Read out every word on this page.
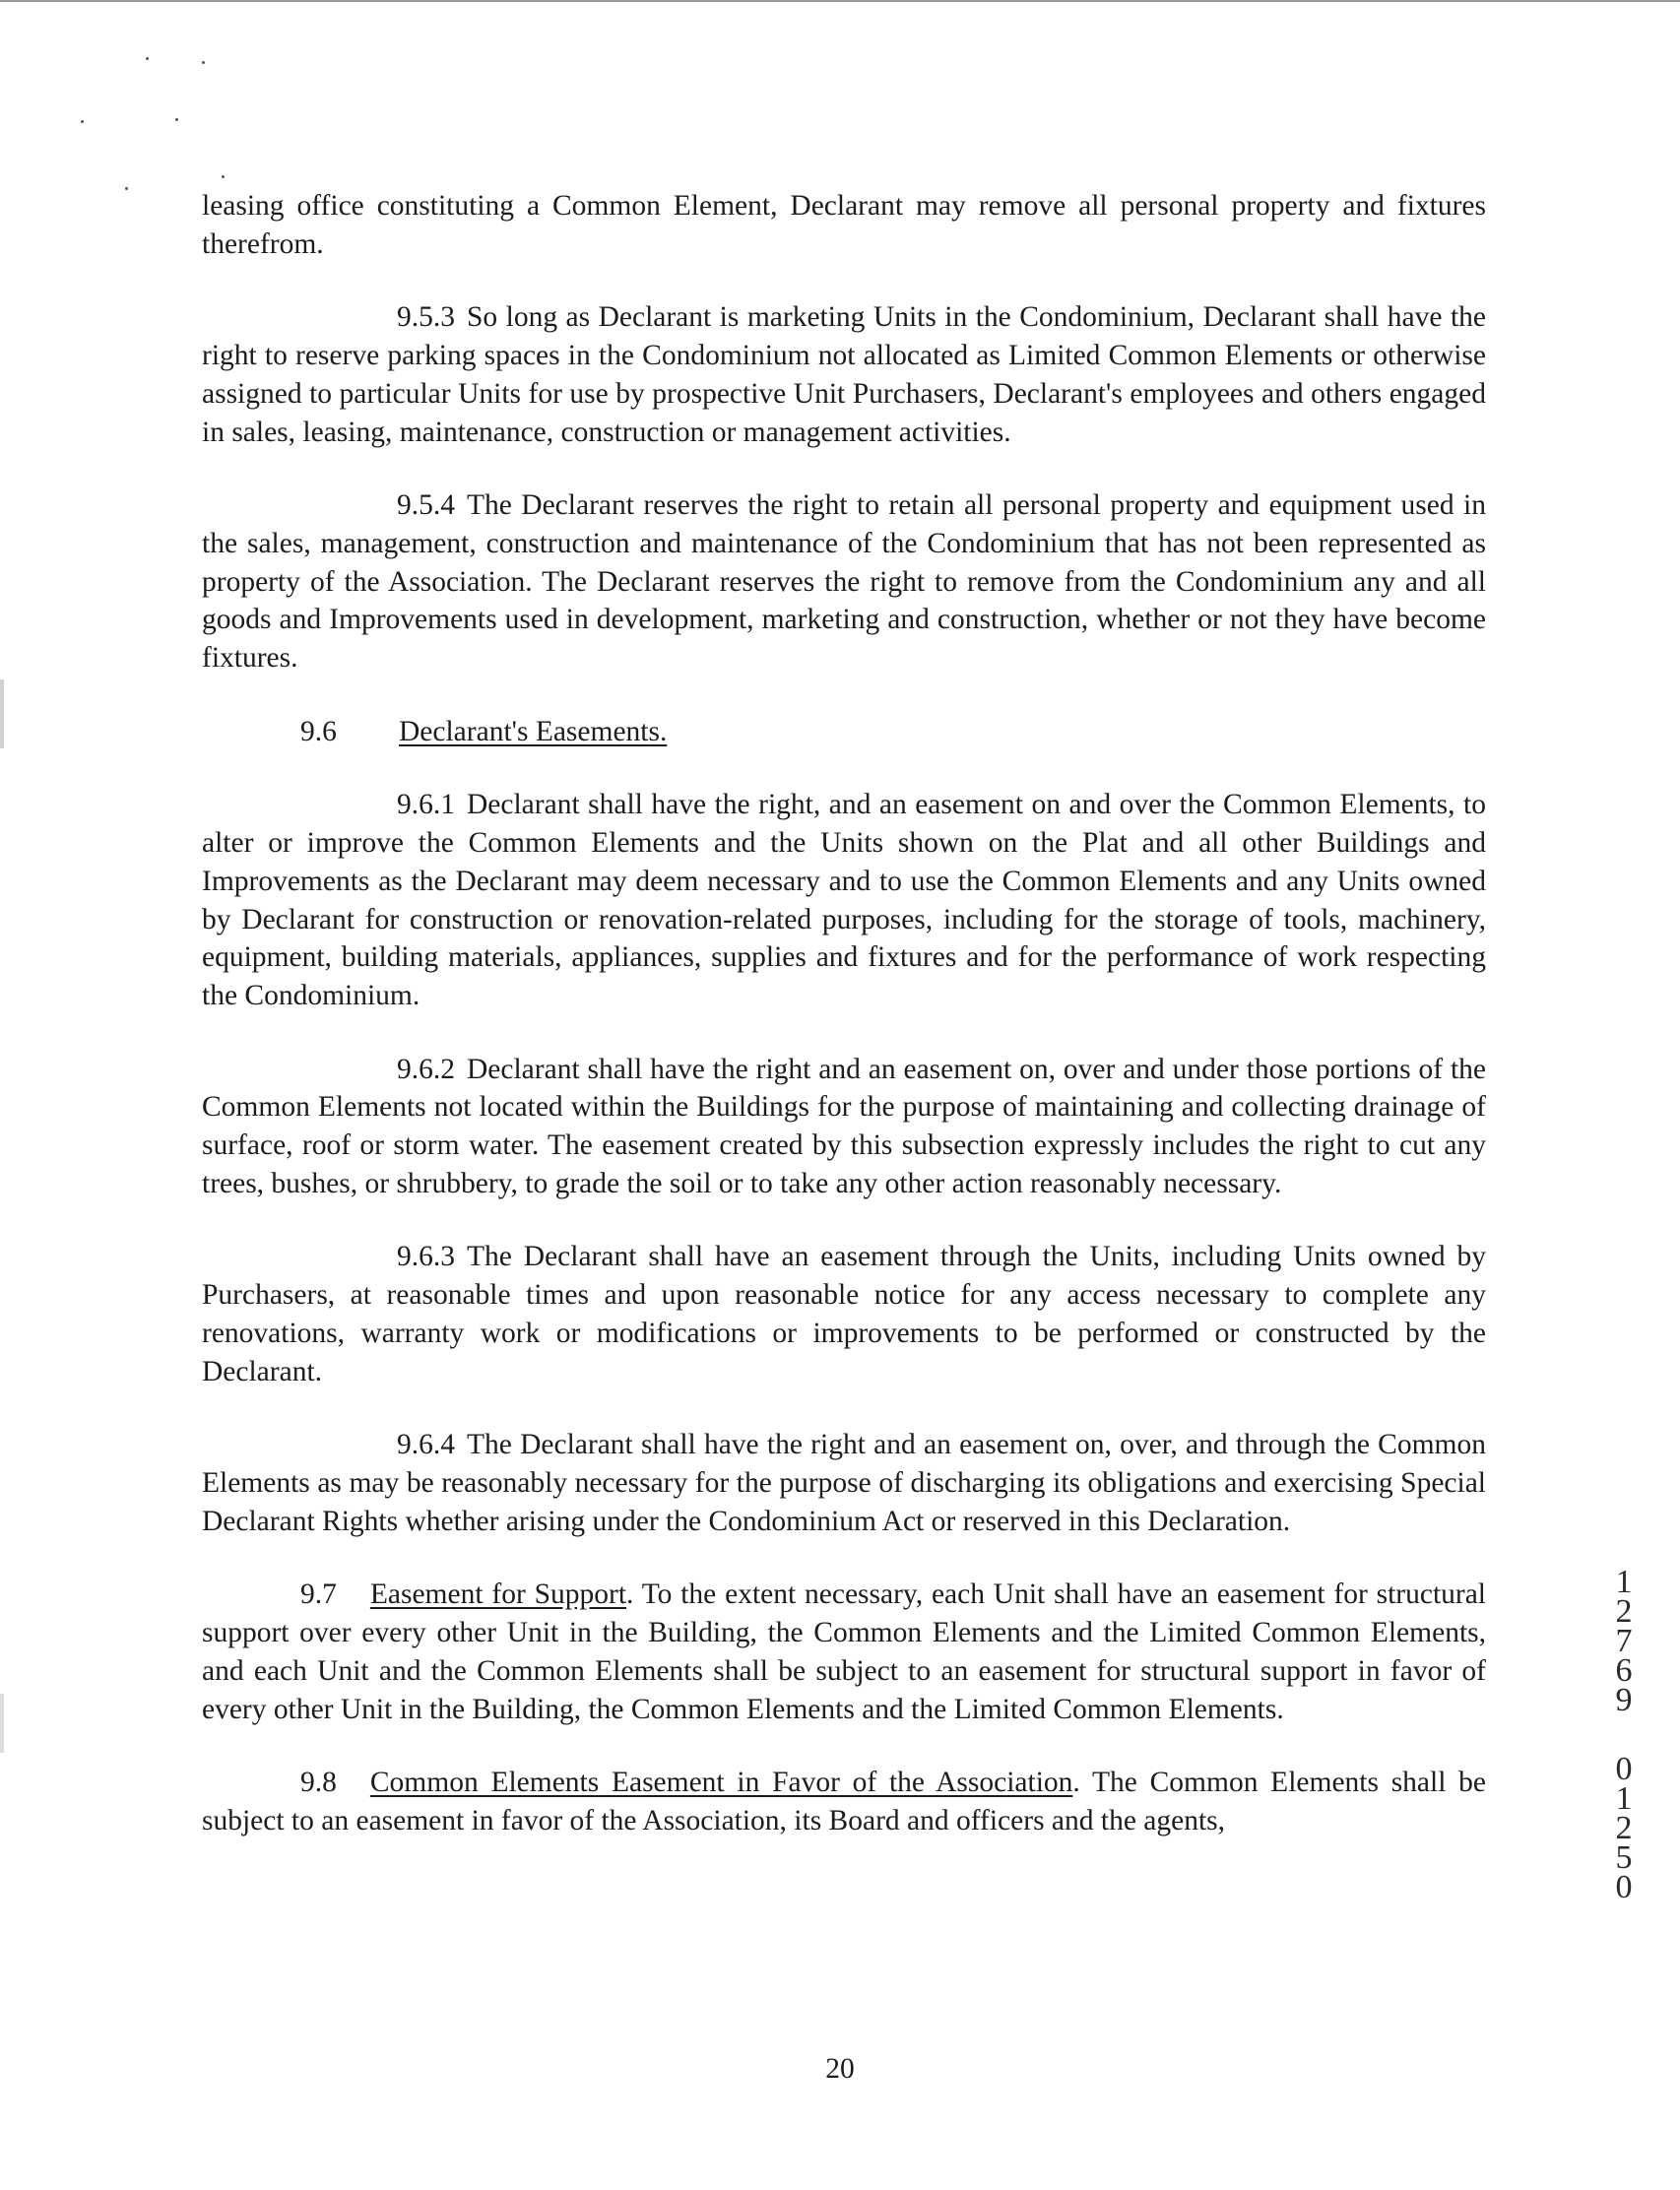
leasing office constituting a Common Element, Declarant may remove all personal property and fixtures therefrom.

9.5.3 So long as Declarant is marketing Units in the Condominium, Declarant shall have the right to reserve parking spaces in the Condominium not allocated as Limited Common Elements or otherwise assigned to particular Units for use by prospective Unit Purchasers, Declarant's employees and others engaged in sales, leasing, maintenance, construction or management activities.

9.5.4 The Declarant reserves the right to retain all personal property and equipment used in the sales, management, construction and maintenance of the Condominium that has not been represented as property of the Association. The Declarant reserves the right to remove from the Condominium any and all goods and Improvements used in development, marketing and construction, whether or not they have become fixtures.

9.6 Declarant's Easements.

9.6.1 Declarant shall have the right, and an easement on and over the Common Elements, to alter or improve the Common Elements and the Units shown on the Plat and all other Buildings and Improvements as the Declarant may deem necessary and to use the Common Elements and any Units owned by Declarant for construction or renovation-related purposes, including for the storage of tools, machinery, equipment, building materials, appliances, supplies and fixtures and for the performance of work respecting the Condominium.

9.6.2 Declarant shall have the right and an easement on, over and under those portions of the Common Elements not located within the Buildings for the purpose of maintaining and collecting drainage of surface, roof or storm water. The easement created by this subsection expressly includes the right to cut any trees, bushes, or shrubbery, to grade the soil or to take any other action reasonably necessary.

9.6.3 The Declarant shall have an easement through the Units, including Units owned by Purchasers, at reasonable times and upon reasonable notice for any access necessary to complete any renovations, warranty work or modifications or improvements to be performed or constructed by the Declarant.

9.6.4 The Declarant shall have the right and an easement on, over, and through the Common Elements as may be reasonably necessary for the purpose of discharging its obligations and exercising Special Declarant Rights whether arising under the Condominium Act or reserved in this Declaration.

9.7 Easement for Support. To the extent necessary, each Unit shall have an easement for structural support over every other Unit in the Building, the Common Elements and the Limited Common Elements, and each Unit and the Common Elements shall be subject to an easement for structural support in favor of every other Unit in the Building, the Common Elements and the Limited Common Elements.

9.8 Common Elements Easement in Favor of the Association. The Common Elements shall be subject to an easement in favor of the Association, its Board and officers and the agents,

20
1
2
7
6
9
0
1
2
5
0
